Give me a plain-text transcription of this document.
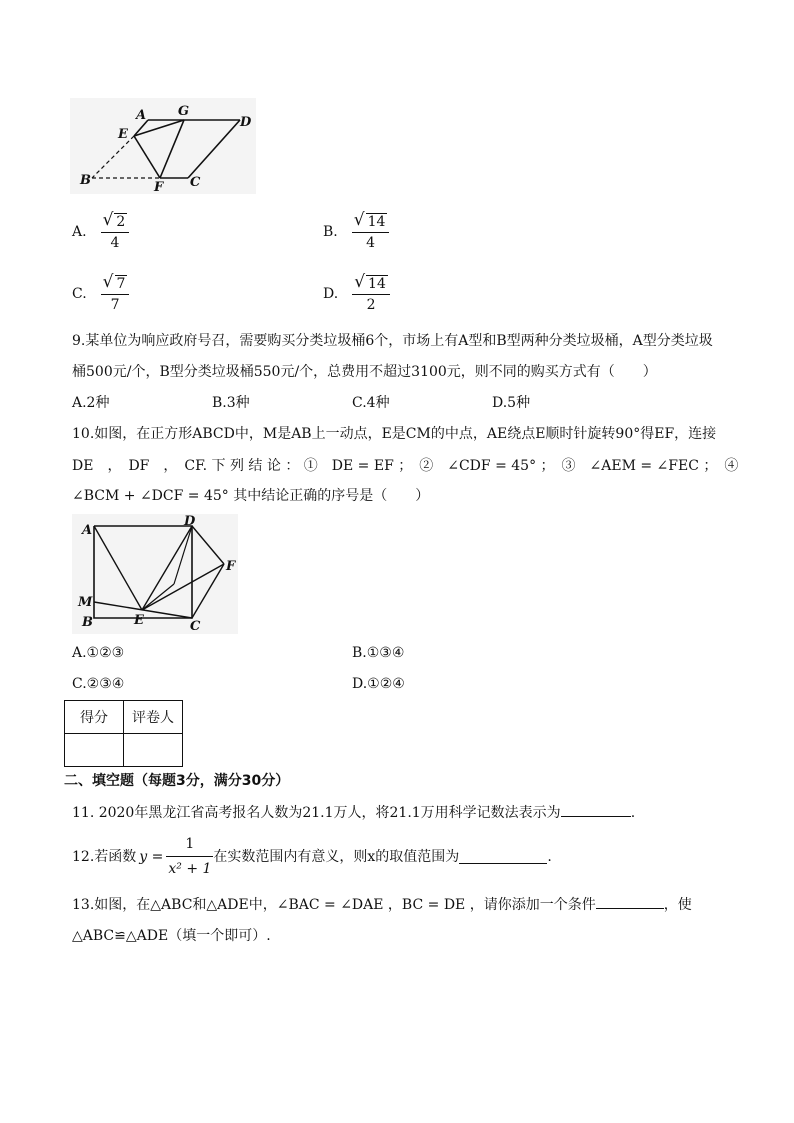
A G
D
E
B	F C
A. $\frac{√ 2}{4}$	B. $\frac{√ 14}{4}$
C. $\frac{√ 7}{7}$	D. $\frac{√ 14}{2}$
9.某单位为响应政府号召，需要购买分类垃圾桶6个，市场上有A型和B型两种分类垃圾桶，A型分类垃圾
桶500元/个，B型分类垃圾桶550元/个，总费用不超过3100元，则不同的购买方式有（　　）
A.2种	B.3种	C.4种	D.5种
10.如图，在正方形ABCD中，M是AB上一动点，E是CM的中点，AE绕点E顺时针旋转90°得EF，连接
DE　，　DF　，　CF. 下 列 结 论 ： ①　DE = EF ；　②　∠CDF = 45° ；　③　∠AEM = ∠FEC ；　④
∠BCM + ∠DCF = 45° 其中结论正确的序号是（　　）
A
D
F
M
E
B	C
A.①②③	B.①③④
C.②③④	D.①②④
得分	评卷人

二、填空题（每题3分，满分30分）
11. 2020年黑龙江省高考报名人数为21.1万人，将21.1万用科学记数法表示为	.
12.若函数 $y = \frac{1}{\text{x² + 1}}$ 在实数范围内有意义，则x的取值范围为	.
13.如图，在△ABC和△ADE中，∠BAC = ∠DAE ，BC = DE ，请你添加一个条件	，使
△ABC≌△ADE（填一个即可）.
